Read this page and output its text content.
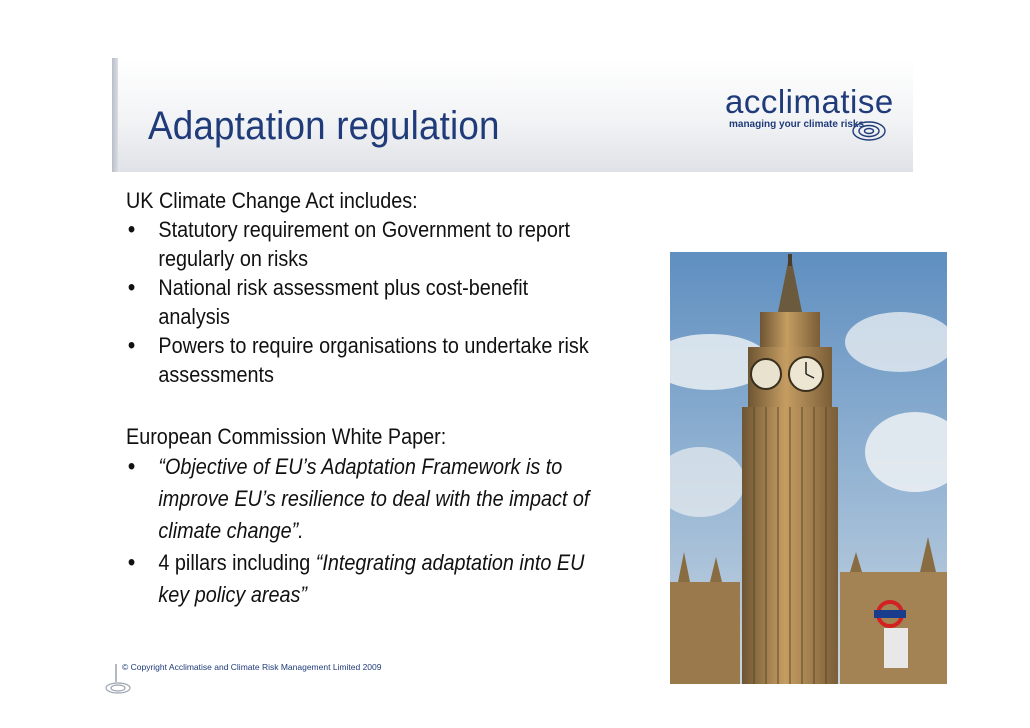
Adaptation regulation
acclimatise
managing your climate risks

UK Climate Change Act includes:

• Statutory requirement on Government to report
regularly on risks
• National risk assessment plus cost-benefit
analysis
• Powers to require organisations to undertake risk
assessments

European Commission White Paper:

• “Objective of EU’s Adaptation Framework is to
improve EU’s resilience to deal with the impact of
climate change”.
• 4 pillars including “Integrating adaptation into EU
key policy areas”
© Copyright Acclimatise and Climate Risk Management Limited 2009
